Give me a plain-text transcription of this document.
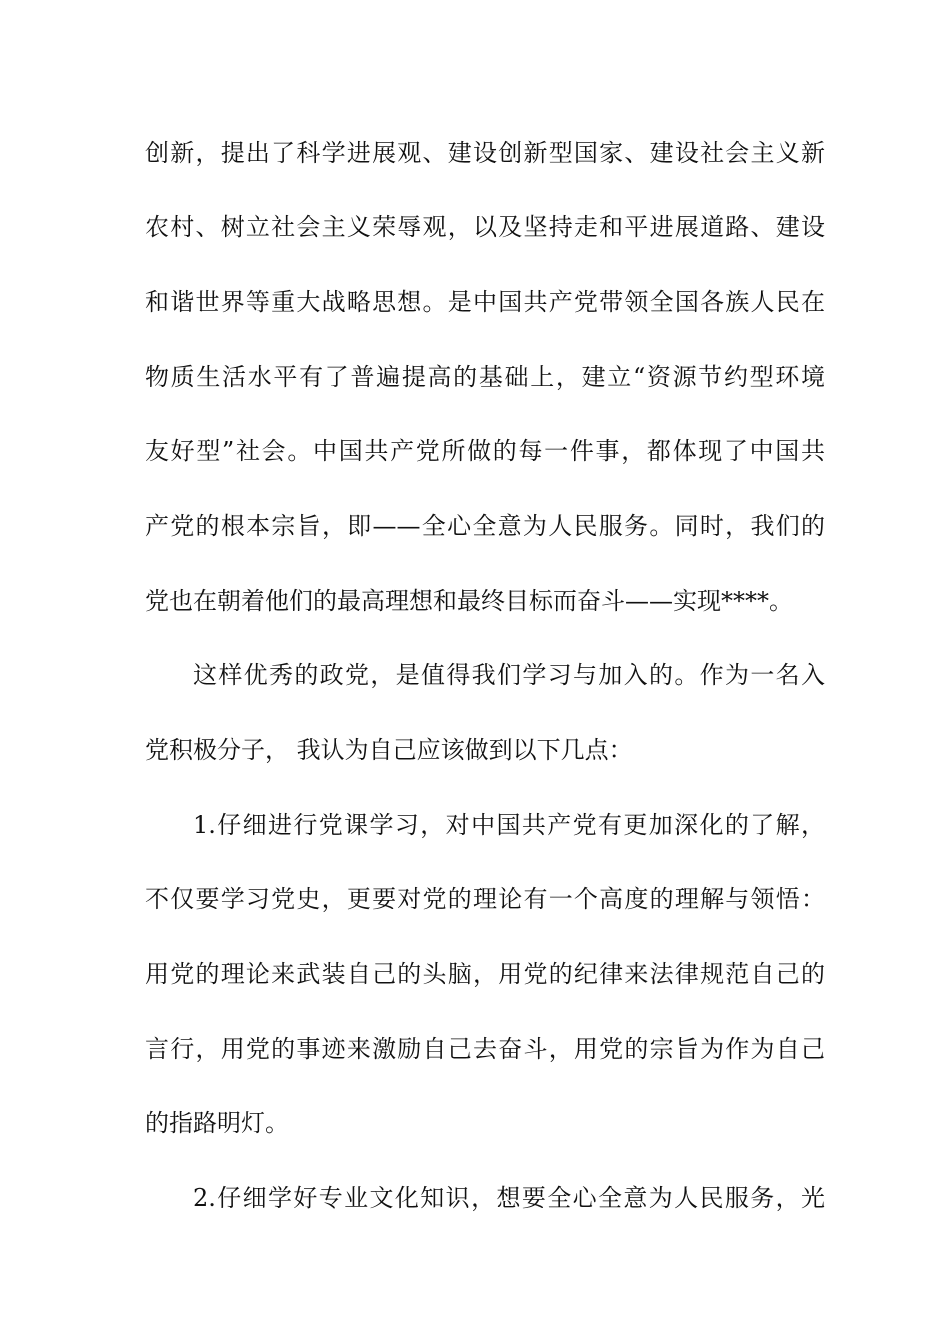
创新，提出了科学进展观、建设创新型国家、建设社会主义新
农村、树立社会主义荣辱观，以及坚持走和平进展道路、建设
和谐世界等重大战略思想。是中国共产党带领全国各族人民在
物质生活水平有了普遍提高的基础上，建立“资源节约型环境
友好型”社会。中国共产党所做的每一件事，都体现了中国共
产党的根本宗旨，即——全心全意为人民服务。同时，我们的
党也在朝着他们的最高理想和最终目标而奋斗——实现****。
这样优秀的政党，是值得我们学习与加入的。作为一名入
党积极分子， 我认为自己应该做到以下几点：
1.仔细进行党课学习，对中国共产党有更加深化的了解，
不仅要学习党史，更要对党的理论有一个高度的理解与领悟：
用党的理论来武装自己的头脑，用党的纪律来法律规范自己的
言行，用党的事迹来激励自己去奋斗，用党的宗旨为作为自己
的指路明灯。
2.仔细学好专业文化知识，想要全心全意为人民服务，光
